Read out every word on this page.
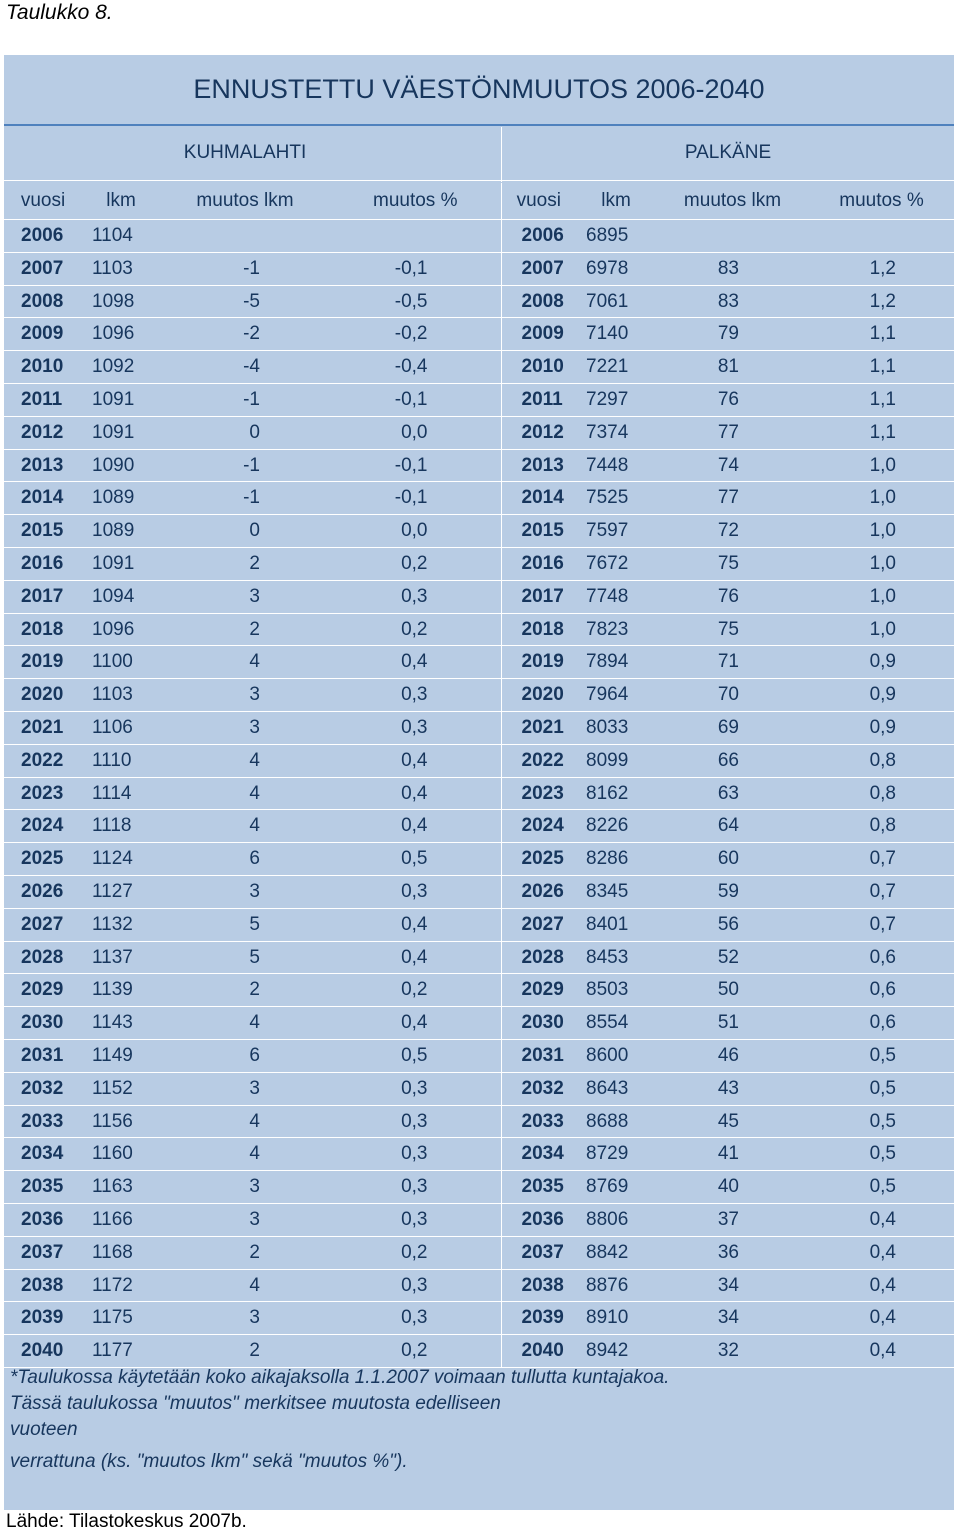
Taulukko 8.
ENNUSTETTU VÄESTÖNMUUTOS 2006-2040
KUHMALAHTI	PALKÄNE
vuosi	lkm	muutos lkm	muutos %	vuosi	lkm	muutos lkm	muutos %
2006	1104			2006	6895		
2007	1103	-1	-0,1	2007	6978	83	1,2
2008	1098	-5	-0,5	2008	7061	83	1,2
2009	1096	-2	-0,2	2009	7140	79	1,1
2010	1092	-4	-0,4	2010	7221	81	1,1
2011	1091	-1	-0,1	2011	7297	76	1,1
2012	1091	0	0,0	2012	7374	77	1,1
2013	1090	-1	-0,1	2013	7448	74	1,0
2014	1089	-1	-0,1	2014	7525	77	1,0
2015	1089	0	0,0	2015	7597	72	1,0
2016	1091	2	0,2	2016	7672	75	1,0
2017	1094	3	0,3	2017	7748	76	1,0
2018	1096	2	0,2	2018	7823	75	1,0
2019	1100	4	0,4	2019	7894	71	0,9
2020	1103	3	0,3	2020	7964	70	0,9
2021	1106	3	0,3	2021	8033	69	0,9
2022	1110	4	0,4	2022	8099	66	0,8
2023	1114	4	0,4	2023	8162	63	0,8
2024	1118	4	0,4	2024	8226	64	0,8
2025	1124	6	0,5	2025	8286	60	0,7
2026	1127	3	0,3	2026	8345	59	0,7
2027	1132	5	0,4	2027	8401	56	0,7
2028	1137	5	0,4	2028	8453	52	0,6
2029	1139	2	0,2	2029	8503	50	0,6
2030	1143	4	0,4	2030	8554	51	0,6
2031	1149	6	0,5	2031	8600	46	0,5
2032	1152	3	0,3	2032	8643	43	0,5
2033	1156	4	0,3	2033	8688	45	0,5
2034	1160	4	0,3	2034	8729	41	0,5
2035	1163	3	0,3	2035	8769	40	0,5
2036	1166	3	0,3	2036	8806	37	0,4
2037	1168	2	0,2	2037	8842	36	0,4
2038	1172	4	0,3	2038	8876	34	0,4
2039	1175	3	0,3	2039	8910	34	0,4
2040	1177	2	0,2	2040	8942	32	0,4
*Taulukossa käytetään koko aikajaksolla 1.1.2007 voimaan tullutta kuntajakoa.
Tässä taulukossa "muutos" merkitsee muutosta edelliseen
vuoteen
verrattuna (ks. "muutos lkm" sekä "muutos %").
Lähde: Tilastokeskus 2007b.
